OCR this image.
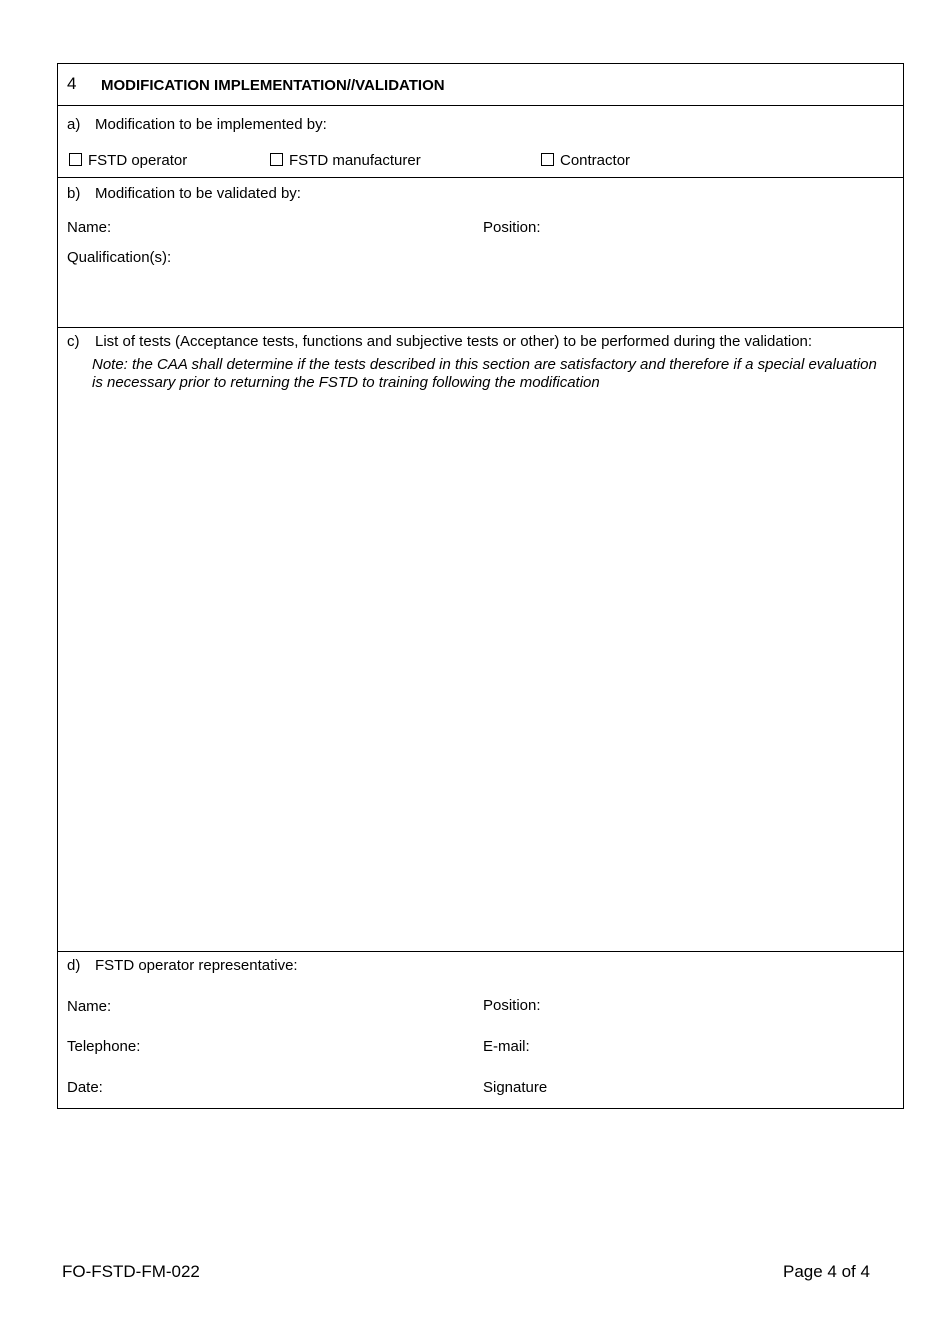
4 MODIFICATION IMPLEMENTATION//VALIDATION
a) Modification to be implemented by:
FSTD operator	FSTD manufacturer	Contractor
b) Modification to be validated by:
Name:	Position:
Qualification(s):
c) List of tests (Acceptance tests, functions and subjective tests or other) to be performed during the validation:
Note: the CAA shall determine if the tests described in this section are satisfactory and therefore if a special evaluation is necessary prior to returning the FSTD to training following the modification
d) FSTD operator representative:
Name:	Position:
Telephone:	E-mail:
Date:	Signature
FO-FSTD-FM-022	Page 4 of 4
